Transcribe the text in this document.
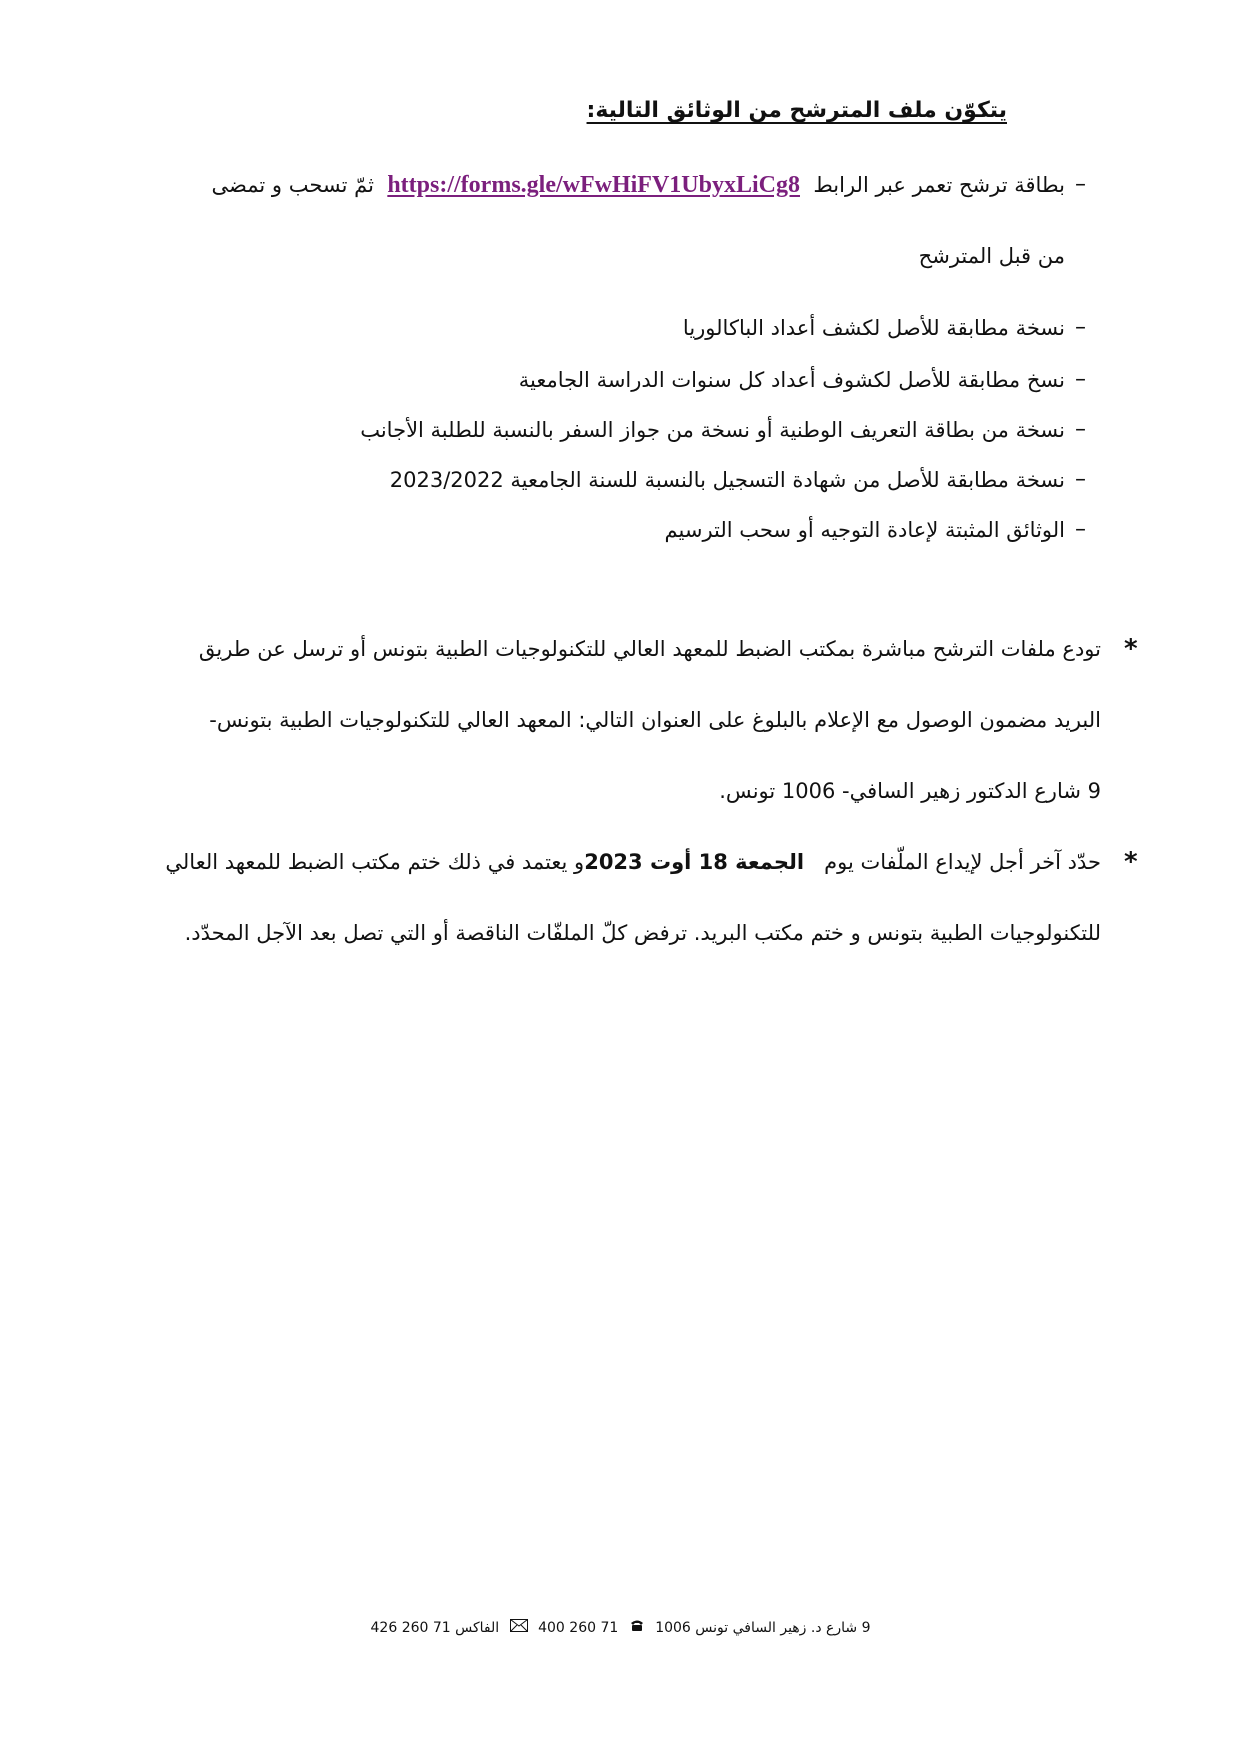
يتكوّن ملف المترشح من الوثائق التالية:
–
بطاقة ترشح تعمر عبر الرابط  https://forms.gle/wFwHiFV1UbyxLiCg8  ثمّ تسحب و تمضى
من قبل المترشح
–
نسخة مطابقة للأصل لكشف أعداد الباكالوريا
–
نسخ مطابقة للأصل لكشوف أعداد كل سنوات الدراسة الجامعية
–
نسخة من بطاقة التعريف الوطنية أو نسخة من جواز السفر بالنسبة للطلبة الأجانب
–
نسخة مطابقة للأصل من شهادة التسجيل بالنسبة للسنة الجامعية 2023/2022
–
الوثائق المثبتة لإعادة التوجيه أو سحب الترسيم
*
تودع ملفات الترشح مباشرة بمكتب الضبط للمعهد العالي للتكنولوجيات الطبية بتونس أو ترسل عن طريق
البريد مضمون الوصول مع الإعلام بالبلوغ على العنوان التالي: المعهد العالي للتكنولوجيات الطبية بتونس-
9 شارع الدكتور زهير السافي- 1006 تونس.
*
حدّد آخر أجل لإيداع الملّفات يوم   الجمعة 18 أوت 2023و يعتمد في ذلك ختم مكتب الضبط للمعهد العالي
للتكنولوجيات الطبية بتونس و ختم مكتب البريد. ترفض كلّ الملفّات الناقصة أو التي تصل بعد الآجل المحدّد.
9 شارع د. زهير السافي تونس 1006  71 260 400  الفاكس 71 260 426
